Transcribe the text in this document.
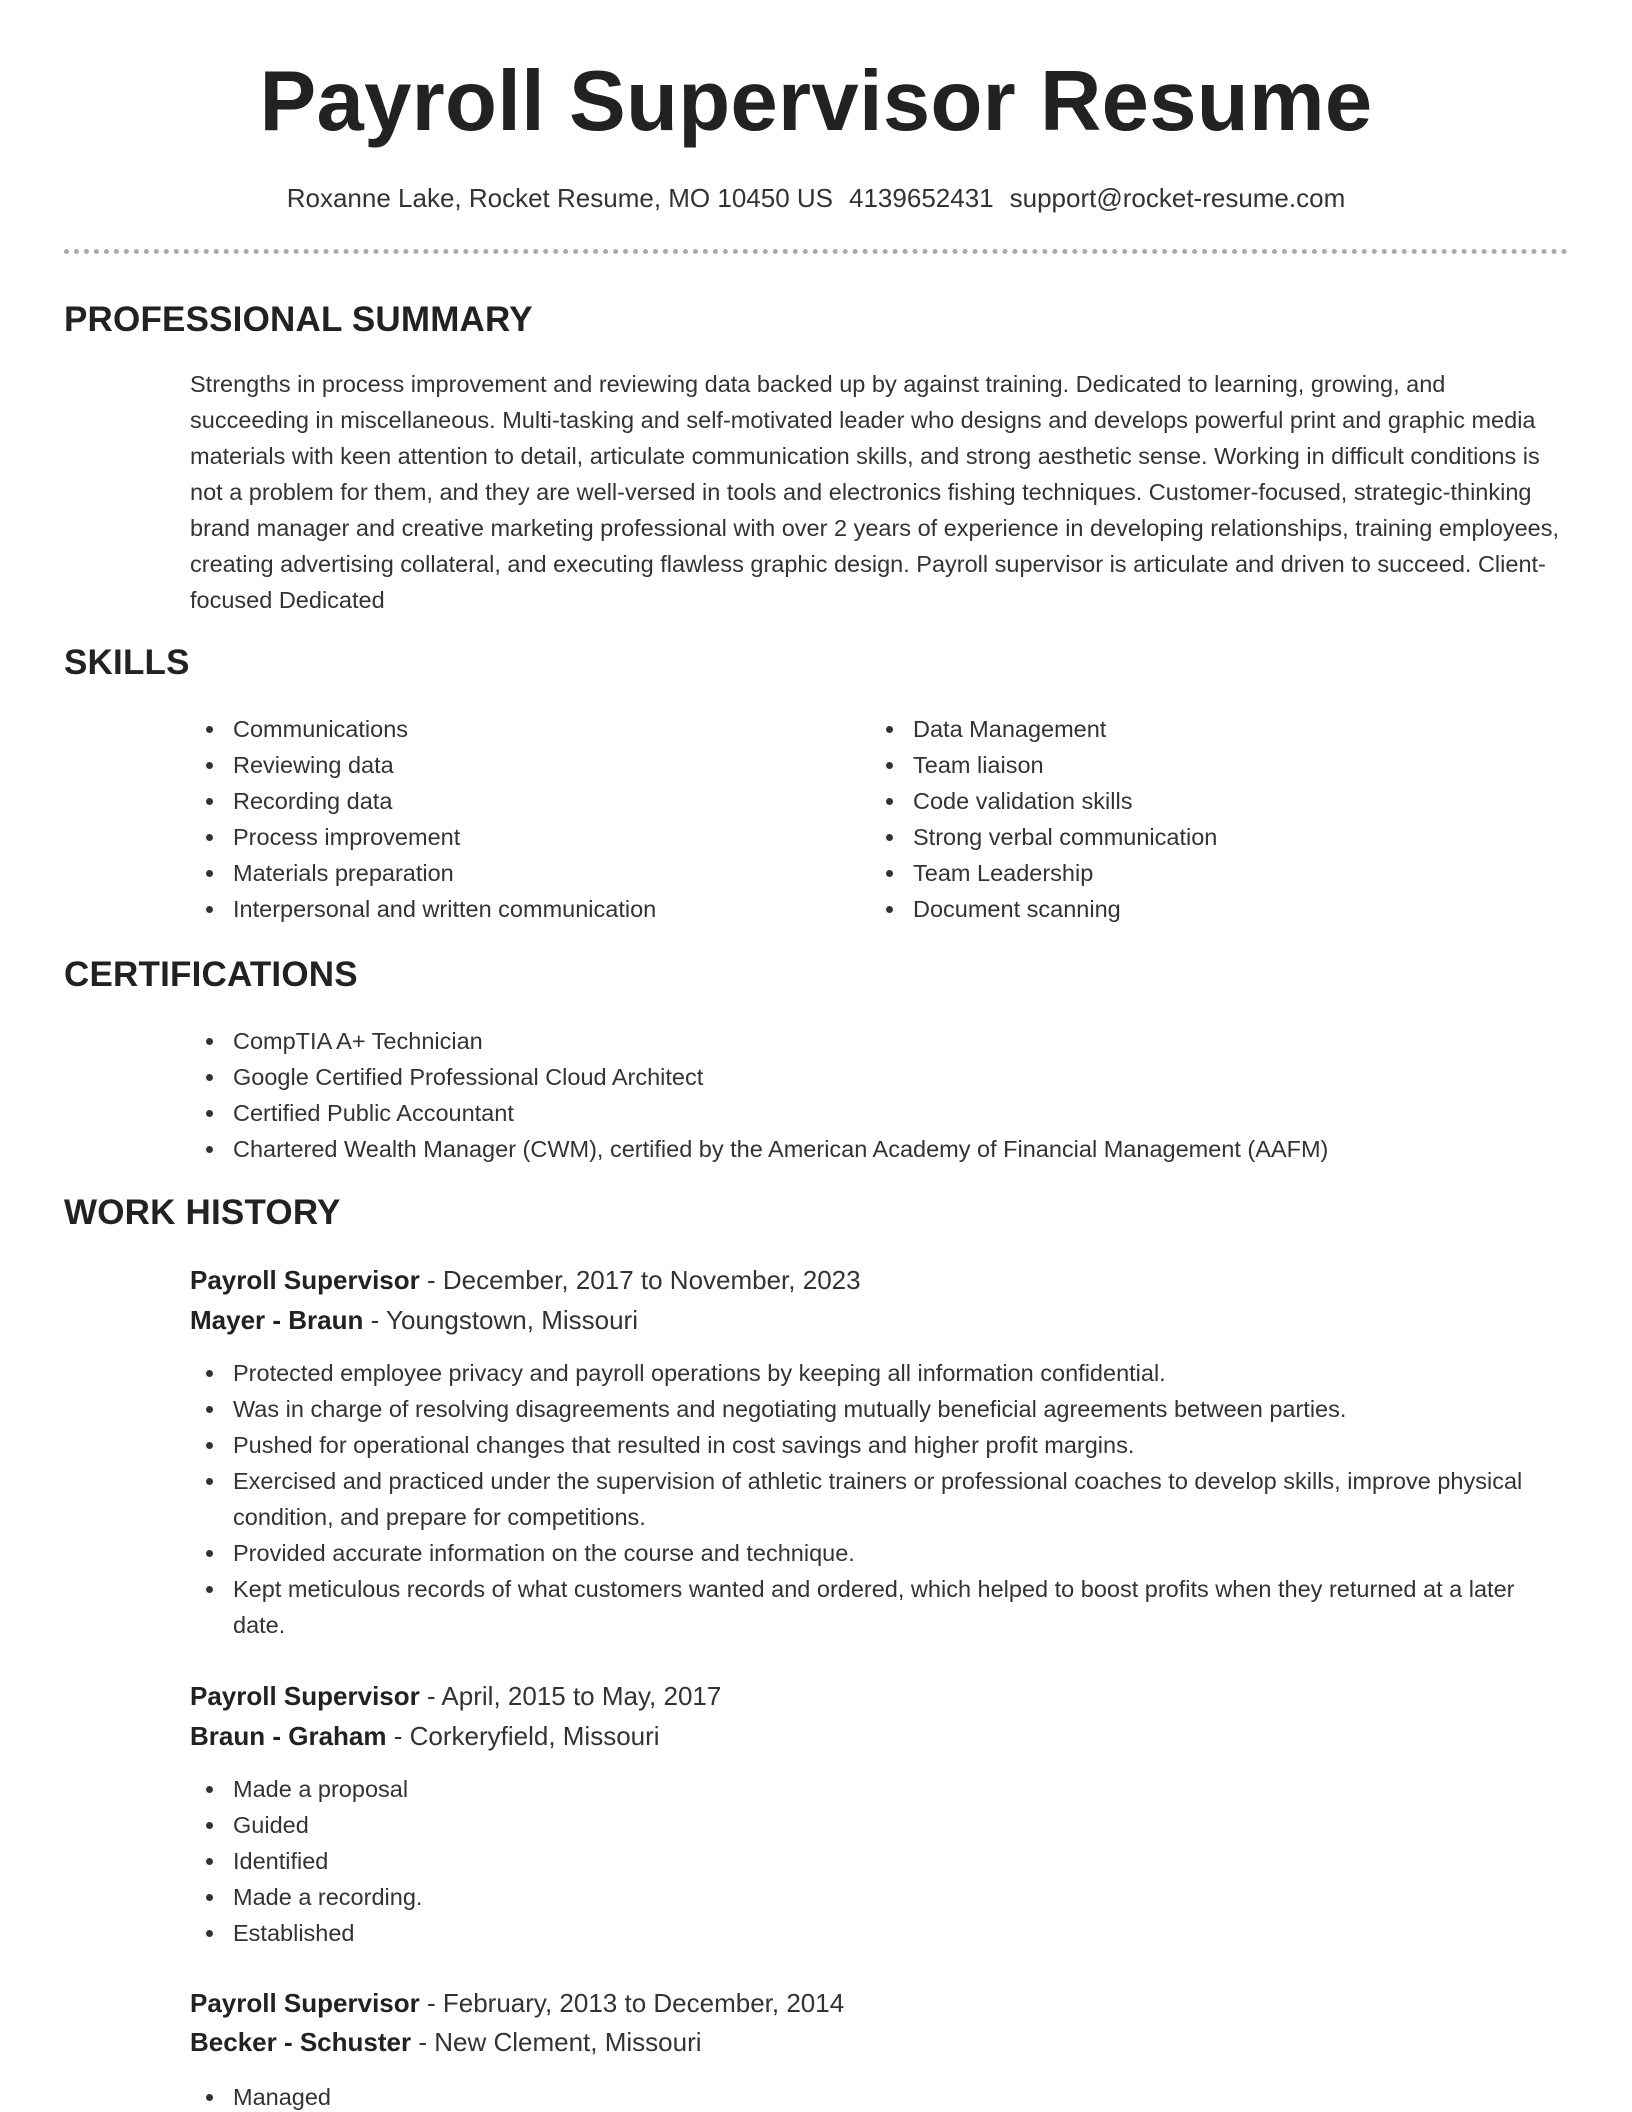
Payroll Supervisor Resume
Roxanne Lake, Rocket Resume, MO 10450 US 4139652431 support@rocket-resume.com
PROFESSIONAL SUMMARY
Strengths in process improvement and reviewing data backed up by against training. Dedicated to learning, growing, and succeeding in miscellaneous. Multi-tasking and self-motivated leader who designs and develops powerful print and graphic media materials with keen attention to detail, articulate communication skills, and strong aesthetic sense. Working in difficult conditions is not a problem for them, and they are well-versed in tools and electronics fishing techniques. Customer-focused, strategic-thinking brand manager and creative marketing professional with over 2 years of experience in developing relationships, training employees, creating advertising collateral, and executing flawless graphic design. Payroll supervisor is articulate and driven to succeed. Client-focused Dedicated
SKILLS
Communications
Reviewing data
Recording data
Process improvement
Materials preparation
Interpersonal and written communication
Data Management
Team liaison
Code validation skills
Strong verbal communication
Team Leadership
Document scanning
CERTIFICATIONS
CompTIA A+ Technician
Google Certified Professional Cloud Architect
Certified Public Accountant
Chartered Wealth Manager (CWM), certified by the American Academy of Financial Management (AAFM)
WORK HISTORY
Payroll Supervisor - December, 2017 to November, 2023
Mayer - Braun - Youngstown, Missouri
Protected employee privacy and payroll operations by keeping all information confidential.
Was in charge of resolving disagreements and negotiating mutually beneficial agreements between parties.
Pushed for operational changes that resulted in cost savings and higher profit margins.
Exercised and practiced under the supervision of athletic trainers or professional coaches to develop skills, improve physical condition, and prepare for competitions.
Provided accurate information on the course and technique.
Kept meticulous records of what customers wanted and ordered, which helped to boost profits when they returned at a later date.
Payroll Supervisor - April, 2015 to May, 2017
Braun - Graham - Corkeryfield, Missouri
Made a proposal
Guided
Identified
Made a recording.
Established
Payroll Supervisor - February, 2013 to December, 2014
Becker - Schuster - New Clement, Missouri
Managed
